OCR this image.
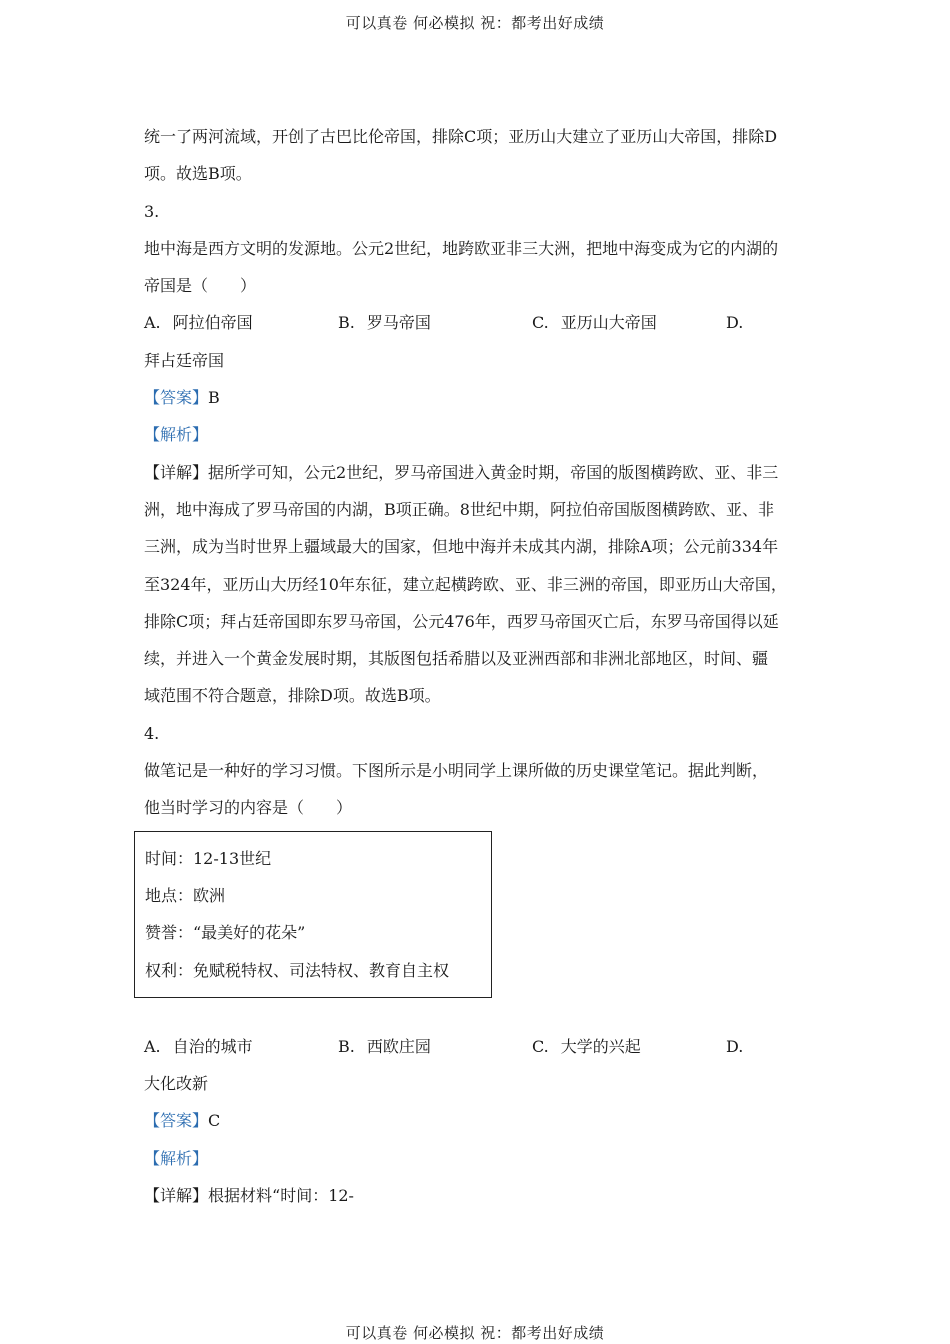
可以真卷 何必模拟 祝：都考出好成绩
统一了两河流域，开创了古巴比伦帝国，排除C项；亚历山大建立了亚历山大帝国，排除D
项。故选B项。
3.
地中海是西方文明的发源地。公元2世纪，地跨欧亚非三大洲，把地中海变成为它的内湖的
帝国是（　　）
A. 阿拉伯帝国	B. 罗马帝国	C. 亚历山大帝国	D.
拜占廷帝国
【答案】B
【解析】
【详解】据所学可知，公元2世纪，罗马帝国进入黄金时期，帝国的版图横跨欧、亚、非三
洲，地中海成了罗马帝国的内湖，B项正确。8世纪中期，阿拉伯帝国版图横跨欧、亚、非
三洲，成为当时世界上疆域最大的国家，但地中海并未成其内湖，排除A项；公元前334年
至324年，亚历山大历经10年东征，建立起横跨欧、亚、非三洲的帝国，即亚历山大帝国，
排除C项；拜占廷帝国即东罗马帝国，公元476年，西罗马帝国灭亡后，东罗马帝国得以延
续，并进入一个黄金发展时期，其版图包括希腊以及亚洲西部和非洲北部地区，时间、疆
域范围不符合题意，排除D项。故选B项。
4.
做笔记是一种好的学习习惯。下图所示是小明同学上课所做的历史课堂笔记。据此判断，
他当时学习的内容是（　　）
时间：12-13世纪
地点：欧洲
赞誉：“最美好的花朵”
权利：免赋税特权、司法特权、教育自主权
A. 自治的城市	B. 西欧庄园	C. 大学的兴起	D.
大化改新
【答案】C
【解析】
【详解】根据材料“时间：12-
可以真卷 何必模拟 祝：都考出好成绩
